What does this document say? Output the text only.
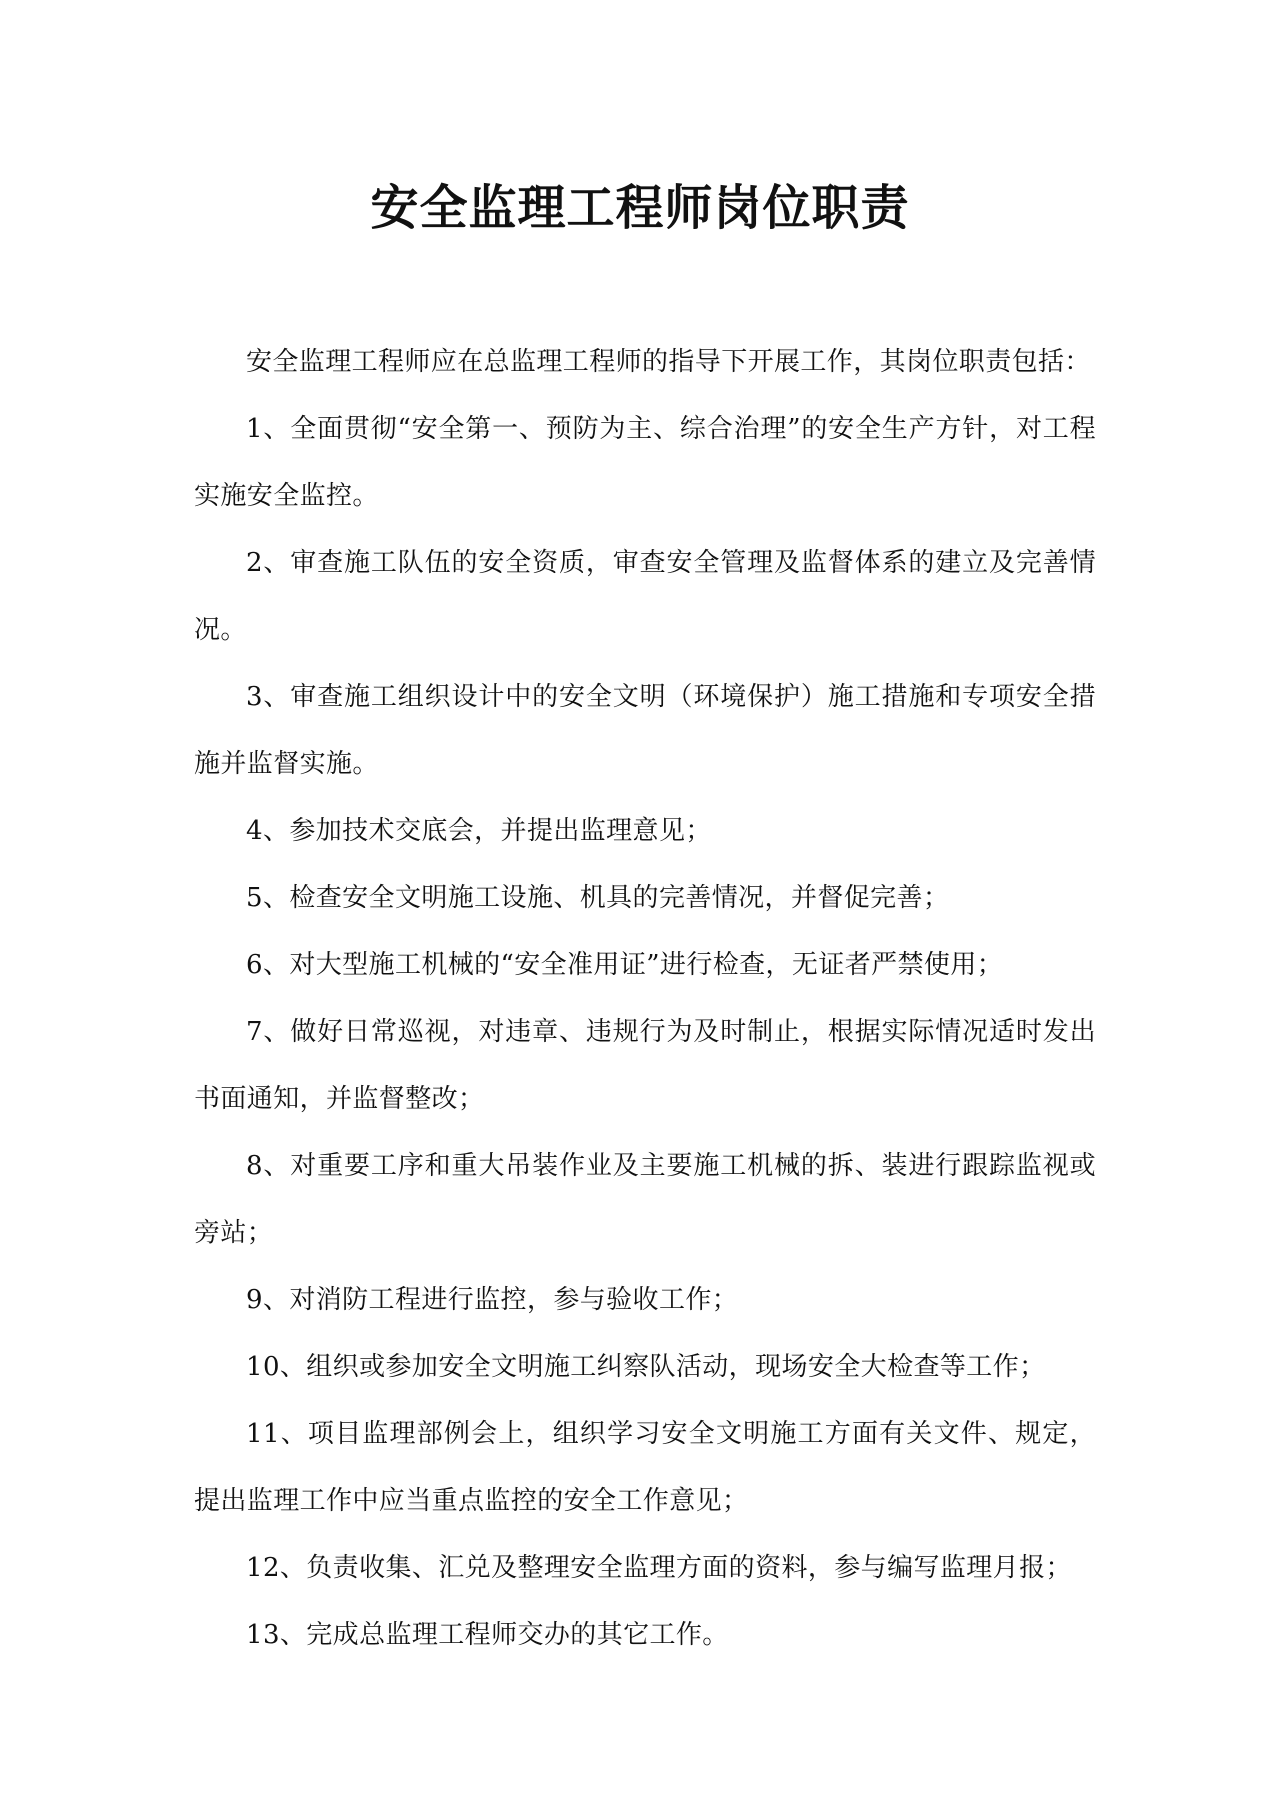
安全监理工程师岗位职责

安全监理工程师应在总监理工程师的指导下开展工作，其岗位职责包括：

1、全面贯彻“安全第一、预防为主、综合治理”的安全生产方针，对工程实施安全监控。

2、审查施工队伍的安全资质，审查安全管理及监督体系的建立及完善情况。

3、审查施工组织设计中的安全文明（环境保护）施工措施和专项安全措施并监督实施。

4、参加技术交底会，并提出监理意见；

5、检查安全文明施工设施、机具的完善情况，并督促完善；

6、对大型施工机械的“安全准用证”进行检查，无证者严禁使用；

7、做好日常巡视，对违章、违规行为及时制止，根据实际情况适时发出书面通知，并监督整改；

8、对重要工序和重大吊装作业及主要施工机械的拆、装进行跟踪监视或旁站；

9、对消防工程进行监控，参与验收工作；

10、组织或参加安全文明施工纠察队活动，现场安全大检查等工作；

11、项目监理部例会上，组织学习安全文明施工方面有关文件、规定，提出监理工作中应当重点监控的安全工作意见；

12、负责收集、汇兑及整理安全监理方面的资料，参与编写监理月报；

13、完成总监理工程师交办的其它工作。
